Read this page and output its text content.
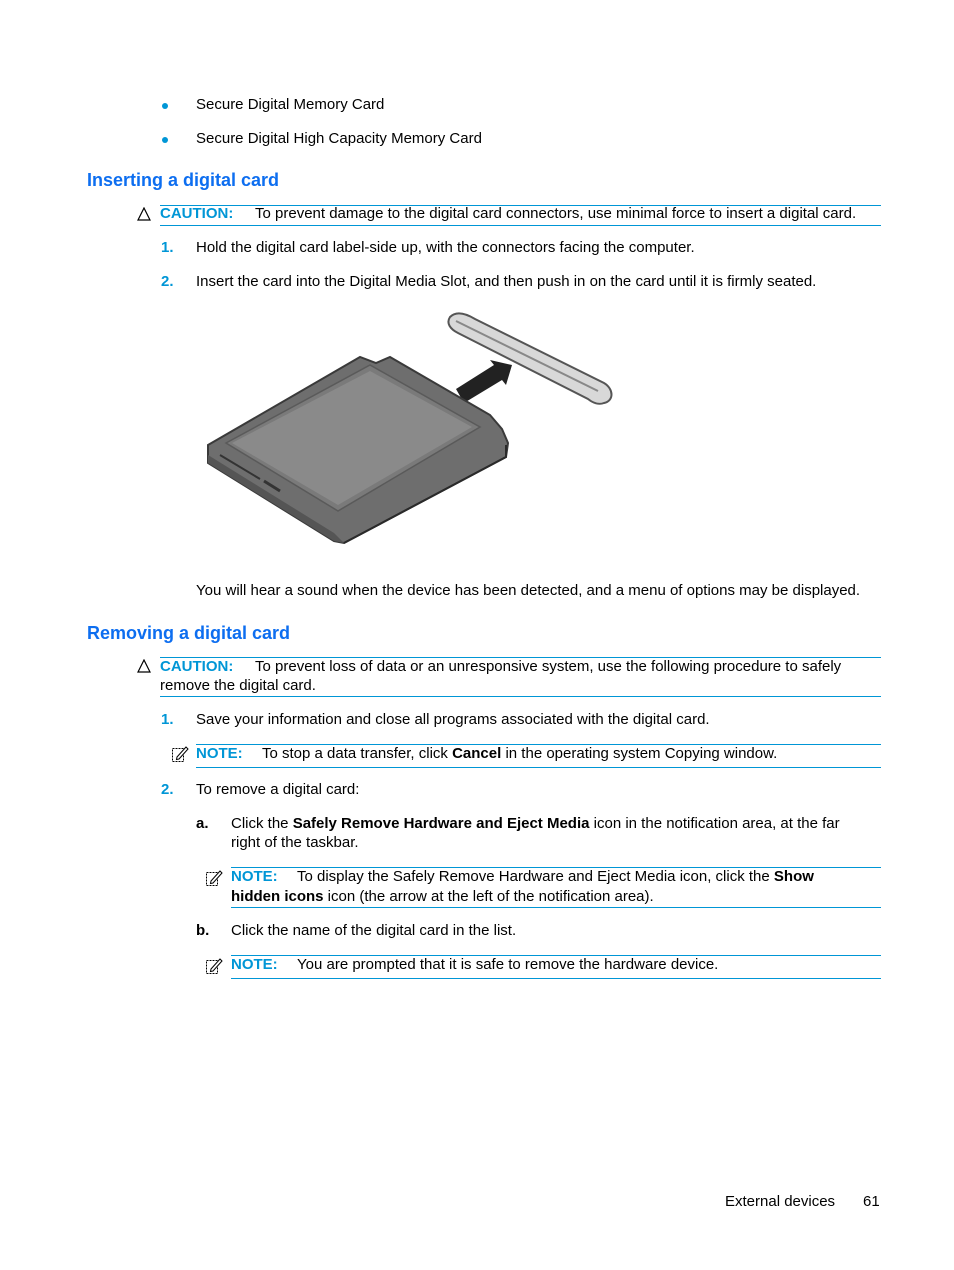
Secure Digital Memory Card
Secure Digital High Capacity Memory Card
Inserting a digital card
CAUTION: To prevent damage to the digital card connectors, use minimal force to insert a digital card.
1. Hold the digital card label-side up, with the connectors facing the computer.
2. Insert the card into the Digital Media Slot, and then push in on the card until it is firmly seated.
You will hear a sound when the device has been detected, and a menu of options may be displayed.
Removing a digital card
CAUTION: To prevent loss of data or an unresponsive system, use the following procedure to safely
remove the digital card.
1. Save your information and close all programs associated with the digital card.
NOTE: To stop a data transfer, click Cancel in the operating system Copying window.
2. To remove a digital card:
a. Click the Safely Remove Hardware and Eject Media icon in the notification area, at the far
right of the taskbar.
NOTE: To display the Safely Remove Hardware and Eject Media icon, click the Show
hidden icons icon (the arrow at the left of the notification area).
b. Click the name of the digital card in the list.
NOTE: You are prompted that it is safe to remove the hardware device.
External devices 61
